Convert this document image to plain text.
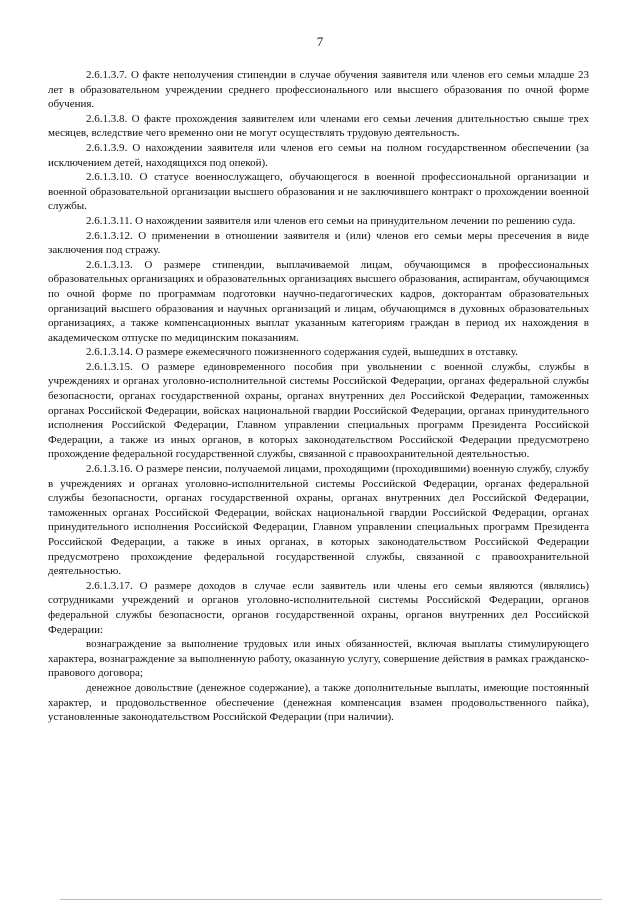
7

2.6.1.3.7. О факте неполучения стипендии в случае обучения заявителя или членов его семьи младше 23 лет в образовательном учреждении среднего профессионального или высшего образования по очной форме обучения.

2.6.1.3.8. О факте прохождения заявителем или членами его семьи лечения длительностью свыше трех месяцев, вследствие чего временно они не могут осуществлять трудовую деятельность.

2.6.1.3.9. О нахождении заявителя или членов его семьи на полном государственном обеспечении (за исключением детей, находящихся под опекой).

2.6.1.3.10. О статусе военнослужащего, обучающегося в военной профессиональной организации и военной образовательной организации высшего образования и не заключившего контракт о прохождении военной службы.

2.6.1.3.11. О нахождении заявителя или членов его семьи на принудительном лечении по решению суда.

2.6.1.3.12. О применении в отношении заявителя и (или) членов его семьи меры пресечения в виде заключения под стражу.

2.6.1.3.13. О размере стипендии, выплачиваемой лицам, обучающимся в профессиональных образовательных организациях и образовательных организациях высшего образования, аспирантам, обучающимся по очной форме по программам подготовки научно-педагогических кадров, докторантам образовательных организаций высшего образования и научных организаций и лицам, обучающимся в духовных образовательных организациях, а также компенсационных выплат указанным категориям граждан в период их нахождения в академическом отпуске по медицинским показаниям.

2.6.1.3.14. О размере ежемесячного пожизненного содержания судей, вышедших в отставку.

2.6.1.3.15. О размере единовременного пособия при увольнении с военной службы, службы в учреждениях и органах уголовно-исполнительной системы Российской Федерации, органах федеральной службы безопасности, органах государственной охраны, органах внутренних дел Российской Федерации, таможенных органах Российской Федерации, войсках национальной гвардии Российской Федерации, органах принудительного исполнения Российской Федерации, Главном управлении специальных программ Президента Российской Федерации, а также из иных органов, в которых законодательством Российской Федерации предусмотрено прохождение федеральной государственной службы, связанной с правоохранительной деятельностью.

2.6.1.3.16. О размере пенсии, получаемой лицами, проходящими (проходившими) военную службу, службу в учреждениях и органах уголовно-исполнительной системы Российской Федерации, органах федеральной службы безопасности, органах государственной охраны, органах внутренних дел Российской Федерации, таможенных органах Российской Федерации, войсках национальной гвардии Российской Федерации, органах принудительного исполнения Российской Федерации, Главном управлении специальных программ Президента Российской Федерации, а также в иных органах, в которых законодательством Российской Федерации предусмотрено прохождение федеральной государственной службы, связанной с правоохранительной деятельностью.

2.6.1.3.17. О размере доходов в случае если заявитель или члены его семьи являются (являлись) сотрудниками учреждений и органов уголовно-исполнительной системы Российской Федерации, органов федеральной службы безопасности, органов государственной охраны, органов внутренних дел Российской Федерации:

вознаграждение за выполнение трудовых или иных обязанностей, включая выплаты стимулирующего характера, вознаграждение за выполненную работу, оказанную услугу, совершение действия в рамках гражданско-правового договора;

денежное довольствие (денежное содержание), а также дополнительные выплаты, имеющие постоянный характер, и продовольственное обеспечение (денежная компенсация взамен продовольственного пайка), установленные законодательством Российской Федерации (при наличии).
